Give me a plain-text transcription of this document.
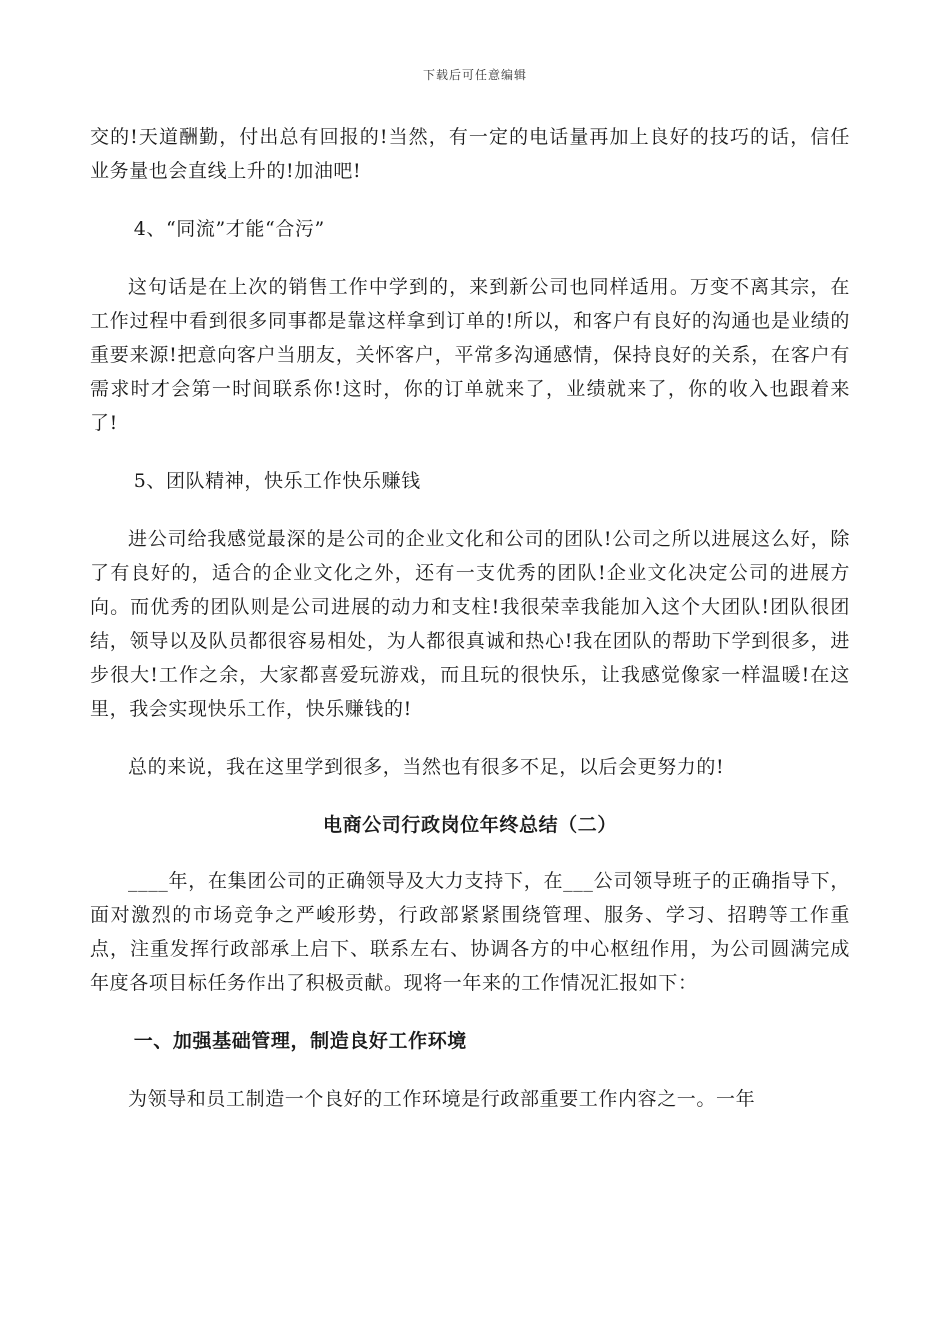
下载后可任意编辑

交的!天道酬勤，付出总有回报的!当然，有一定的电话量再加上良好的技巧的话，信任业务量也会直线上升的!加油吧!

4、“同流”才能“合污”

这句话是在上次的销售工作中学到的，来到新公司也同样适用。万变不离其宗，在工作过程中看到很多同事都是靠这样拿到订单的!所以，和客户有良好的沟通也是业绩的重要来源!把意向客户当朋友，关怀客户，平常多沟通感情，保持良好的关系，在客户有需求时才会第一时间联系你!这时，你的订单就来了，业绩就来了，你的收入也跟着来了!

5、团队精神，快乐工作快乐赚钱

进公司给我感觉最深的是公司的企业文化和公司的团队!公司之所以进展这么好，除了有良好的，适合的企业文化之外，还有一支优秀的团队!企业文化决定公司的进展方向。而优秀的团队则是公司进展的动力和支柱!我很荣幸我能加入这个大团队!团队很团结，领导以及队员都很容易相处，为人都很真诚和热心!我在团队的帮助下学到很多，进步很大!工作之余，大家都喜爱玩游戏，而且玩的很快乐，让我感觉像家一样温暖!在这里，我会实现快乐工作，快乐赚钱的!

总的来说，我在这里学到很多，当然也有很多不足，以后会更努力的!

电商公司行政岗位年终总结（二）

____年，在集团公司的正确领导及大力支持下，在___公司领导班子的正确指导下，面对激烈的市场竞争之严峻形势，行政部紧紧围绕管理、服务、学习、招聘等工作重点，注重发挥行政部承上启下、联系左右、协调各方的中心枢纽作用，为公司圆满完成年度各项目标任务作出了积极贡献。现将一年来的工作情况汇报如下：

一、加强基础管理，制造良好工作环境

为领导和员工制造一个良好的工作环境是行政部重要工作内容之一。一年
